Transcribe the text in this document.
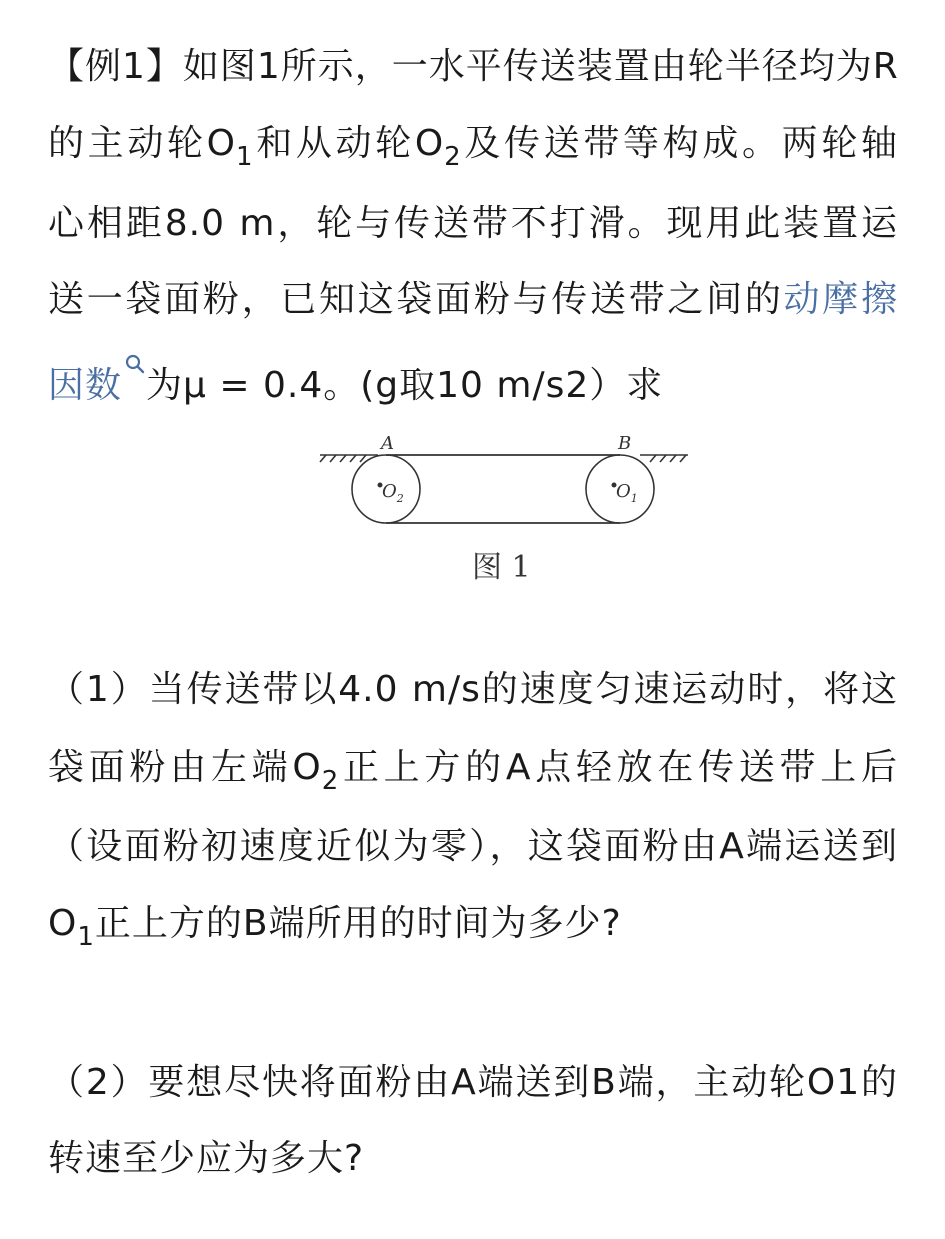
【例1】如图1所示，一水平传送装置由轮半径均为R
的主动轮$O_1$和从动轮$O_2$及传送带等构成。两轮轴
心相距8.0 m，轮与传送带不打滑。现用此装置运
送一袋面粉，已知这袋面粉与传送带之间的动摩擦
因数 为μ = 0.4。(g取10 m/s2）求
A	B
$O_2$	$O_1$
图 1
（1）当传送带以4.0 m/s的速度匀速运动时，将这
袋面粉由左端$O_2$正上方的A点轻放在传送带上后
（设面粉初速度近似为零），这袋面粉由A端运送到
$O_1$正上方的B端所用的时间为多少?
（2）要想尽快将面粉由A端送到B端，主动轮O1的
转速至少应为多大?
